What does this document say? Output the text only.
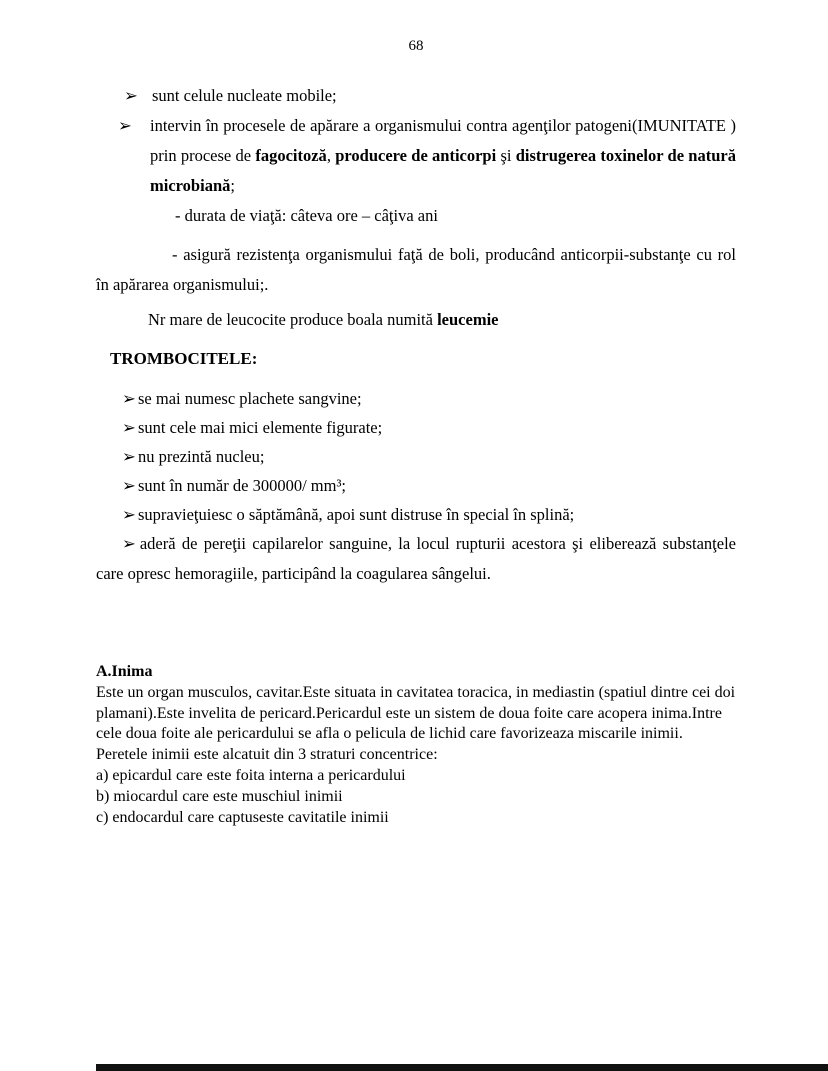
68
➢ sunt celule nucleate mobile;
➢ intervin în procesele de apărare a organismului contra agenţilor patogeni(IMUNITATE ) prin procese de fagocitoză, producere de anticorpi şi distrugerea toxinelor de natură microbiană;
- durata de viaţă: câteva ore – câţiva ani
- asigură rezistenţa organismului faţă de boli, producând anticorpii-substanţe cu rol în apărarea organismului;.
Nr mare de leucocite produce boala numită leucemie
TROMBOCITELE:
➢ se mai numesc plachete sangvine;
➢ sunt cele mai mici elemente figurate;
➢ nu prezintă nucleu;
➢ sunt în număr de 300000/ mm³;
➢ supravieţuiesc o săptămână, apoi sunt distruse în special în splină;
➢ aderă de pereţii capilarelor sanguine, la locul rupturii acestora şi eliberează substanţele care opresc hemoragiile, participând la coagularea sângelui.
A.Inima
Este un organ musculos, cavitar.Este situata in cavitatea toracica, in mediastin (spatiul dintre cei doi plamani).Este invelita de pericard.Pericardul este un sistem de doua foite care acopera inima.Intre cele doua foite ale pericardului se afla o pelicula de lichid care favorizeaza miscarile inimii.
Peretele inimii este alcatuit din 3 straturi concentrice:
a) epicardul care este foita interna a pericardului
b) miocardul care este muschiul inimii
c) endocardul care captuseste cavitatile inimii
